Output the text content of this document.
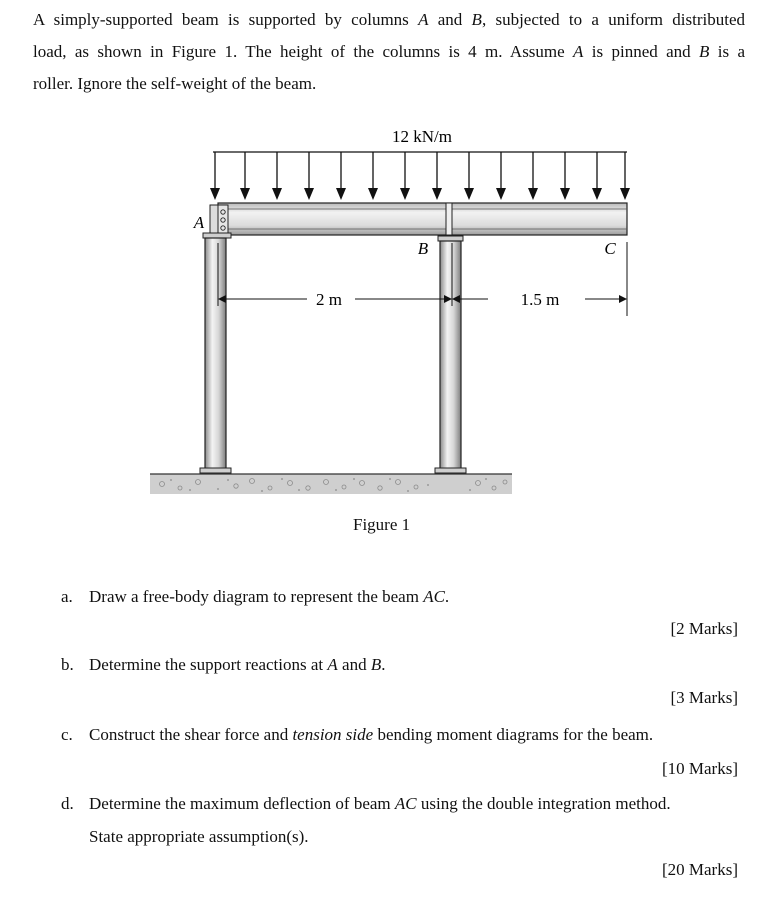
A simply-supported beam is supported by columns A and B, subjected to a uniform distributed
load, as shown in Figure 1. The height of the columns is 4 m. Assume A is pinned and B is a
roller. Ignore the self-weight of the beam.
12 kN/m
A
B	C
2 m	1.5 m
Figure 1
a. Draw a free-body diagram to represent the beam AC.
[2 Marks]
b. Determine the support reactions at A and B.
[3 Marks]
c. Construct the shear force and tension side bending moment diagrams for the beam.
[10 Marks]
d. Determine the maximum deflection of beam AC using the double integration method.
State appropriate assumption(s).
[20 Marks]
